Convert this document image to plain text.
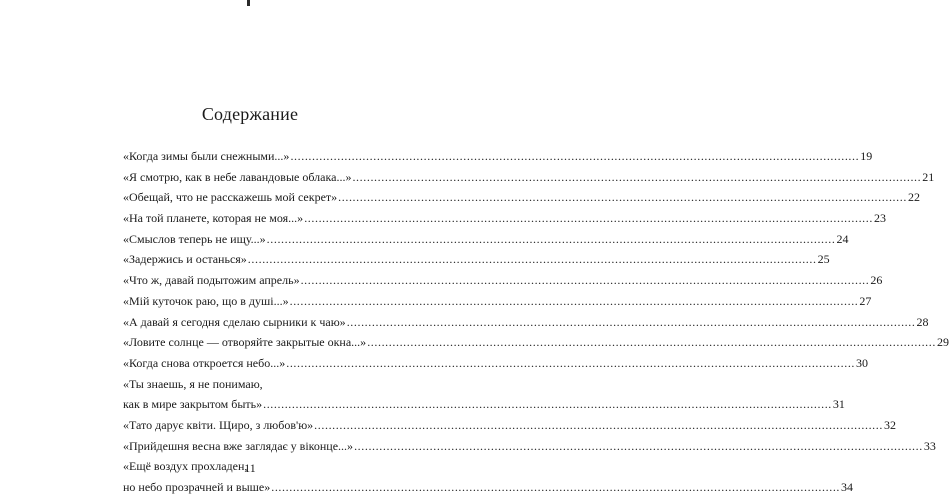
Содержание
«Когда зимы были снежными...» .....	19
«Я смотрю, как в небе лавандовые облака...» .....	21
«Обещай, что не расскажешь мой секрет» .....	22
«На той планете, которая не моя...» .....	23
«Смыслов теперь не ищу...» .....	24
«Задержись и останься» .....	25
«Что ж, давай подытожим апрель» .....	26
«Мій куточок раю, що в душі...» .....	27
«А давай я сегодня сделаю сырники к чаю» .....	28
«Ловите солнце — отворяйте закрытые окна...» .....	29
«Когда снова откроется небо...» .....	30
«Ты знаешь, я не понимаю,
как в мире закрытом быть» .....	31
«Тато дарує квіти. Щиро, з любов'ю» .....	32
«Прийдешня весна вже заглядає у віконце...» .....	33
«Ещё воздух прохладен,
но небо прозрачней и выше» .....	34
11
